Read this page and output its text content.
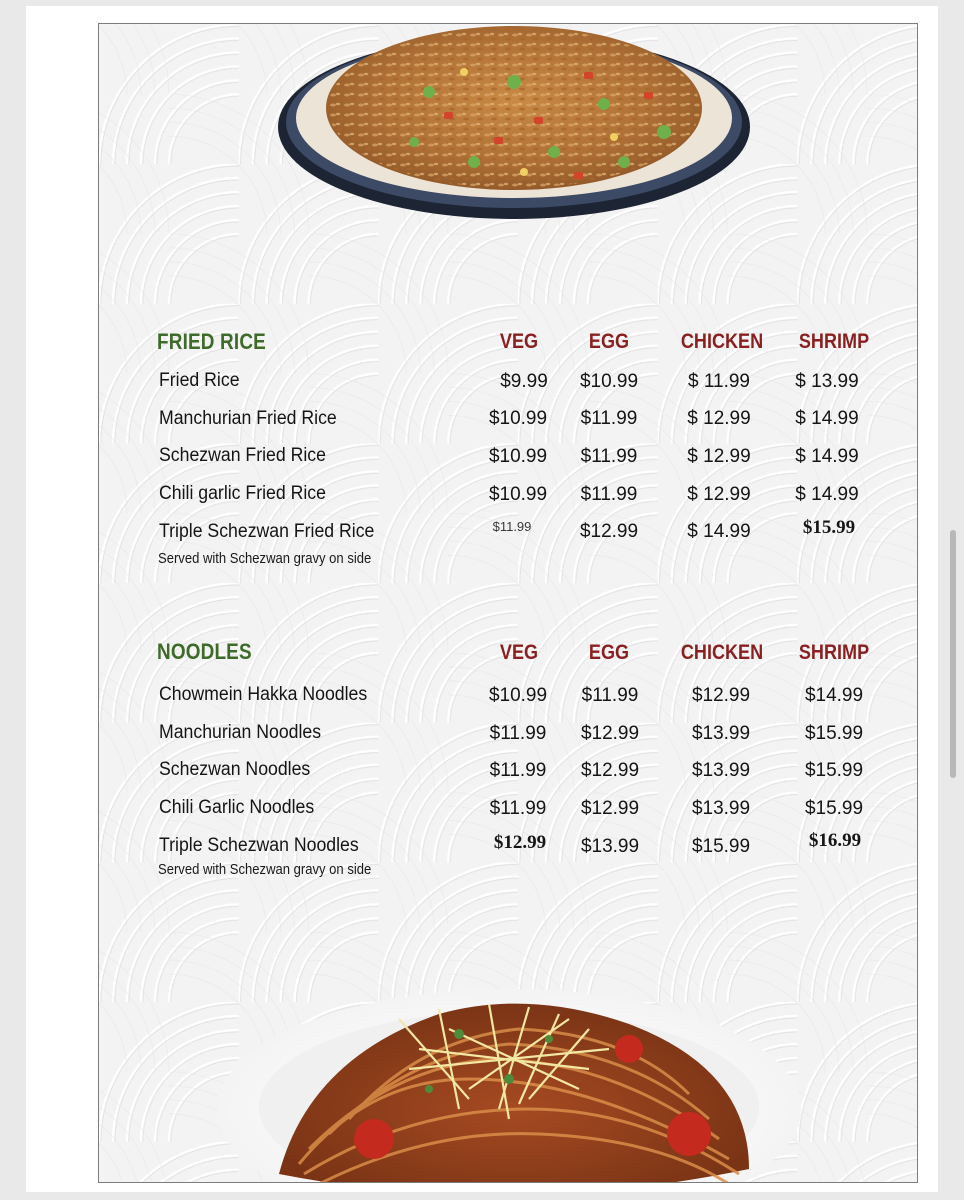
FRIED RICE	VEG	EGG	CHICKEN	SHRIMP
Fried Rice	$9.99	$10.99	$ 11.99	$ 13.99
Manchurian Fried Rice	$10.99	$11.99	$ 12.99	$ 14.99
Schezwan Fried Rice	$10.99	$11.99	$ 12.99	$ 14.99
Chili garlic Fried Rice	$10.99	$11.99	$ 12.99	$ 14.99
Triple Schezwan Fried Rice	$11.99	$12.99	$ 14.99	$15.99
Served with Schezwan gravy on side
NOODLES	VEG	EGG	CHICKEN	SHRIMP
Chowmein Hakka Noodles	$10.99	$11.99	$12.99	$14.99
Manchurian Noodles	$11.99	$12.99	$13.99	$15.99
Schezwan Noodles	$11.99	$12.99	$13.99	$15.99
Chili Garlic Noodles	$11.99	$12.99	$13.99	$15.99
Triple Schezwan Noodles	$12.99	$13.99	$15.99	$16.99
Served with Schezwan gravy on side
